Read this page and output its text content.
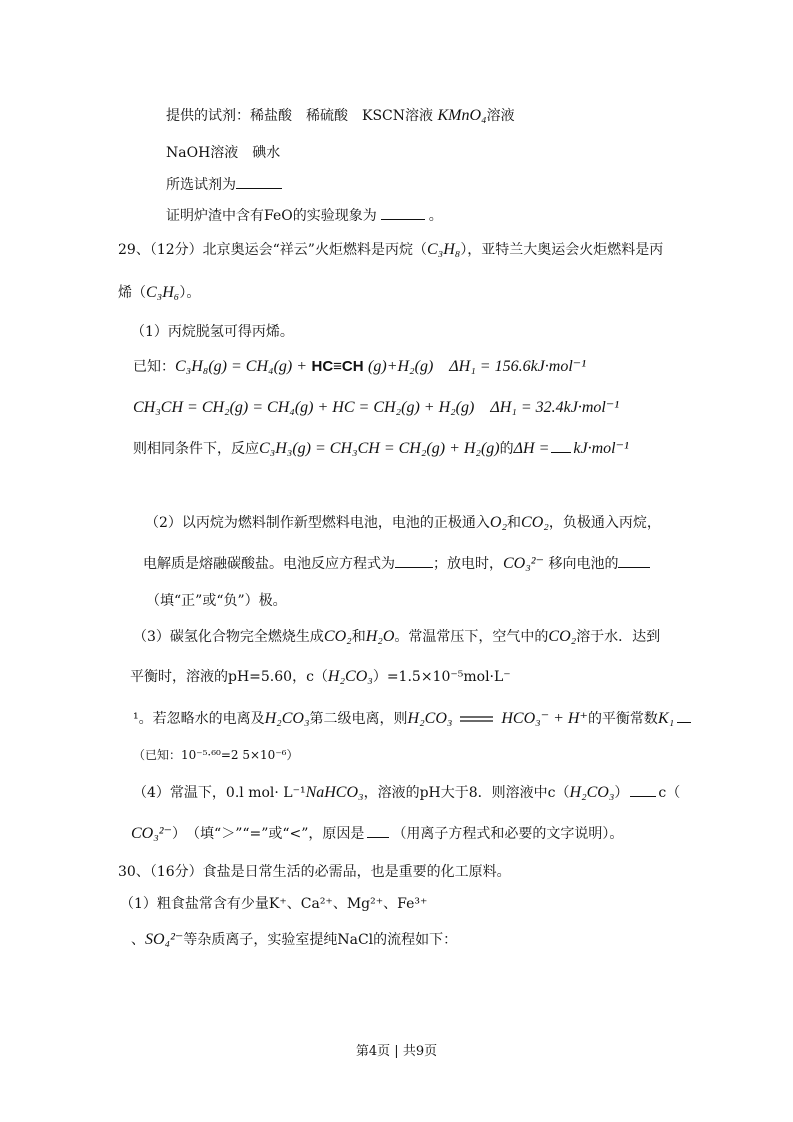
提供的试剂：稀盐酸　稀硫酸　KSCN溶液 KMnO₄溶液
NaOH溶液　碘水
所选试剂为
证明炉渣中含有FeO的实验现象为	。
29、（12分）北京奥运会“祥云”火炬燃料是丙烷（C₃H₈），亚特兰大奥运会火炬燃料是丙
烯（C₃H₆）。
（1）丙烷脱氢可得丙烯。
已知：C₃H₈(g) = CH₄(g) + HC≡CH (g)+H₂(g)　ΔH₁ = 156.6kJ·mol⁻¹
CH₃CH = CH₂(g) = CH₄(g) + HC = CH₂(g) + H₂(g)　ΔH₁ = 32.4kJ·mol⁻¹
则相同条件下，反应C₃H₃(g) = CH₃CH = CH₂(g) + H₂(g)的ΔH = kJ·mol⁻¹
（2）以丙烷为燃料制作新型燃料电池，电池的正极通入O₂和CO₂，负极通入丙烷，
电解质是熔融碳酸盐。电池反应方程式为	；放电时，CO₃²⁻ 移向电池的
（填“正”或“负”）极。
（3）碳氢化合物完全燃烧生成CO₂和H₂O。常温常压下，空气中的CO₂溶于水．达到
平衡时，溶液的pH=5.60，c（H₂CO₃）=1.5×10⁻⁵mol·L⁻
¹。若忽略水的电离及H₂CO₃第二级电离，则H₂CO₃	HCO₃⁻ + H⁺的平衡常数K₁
（已知：10⁻⁵·⁶⁰=2 5×10⁻⁶）
（4）常温下，0.l mol· L⁻¹NaHCO₃，溶液的pH大于8．则溶液中c（H₂CO₃） c（
CO₃²⁻）　（填“＞”“=”或“<”，原因是 （用离子方程式和必要的文字说明）。
30、（16分）食盐是日常生活的必需品，也是重要的化工原料。
（1）粗食盐常含有少量K⁺、Ca²⁺、Mg²⁺、Fe³⁺
、SO₄²⁻等杂质离子，实验室提纯NaCl的流程如下：
第4页 | 共9页
